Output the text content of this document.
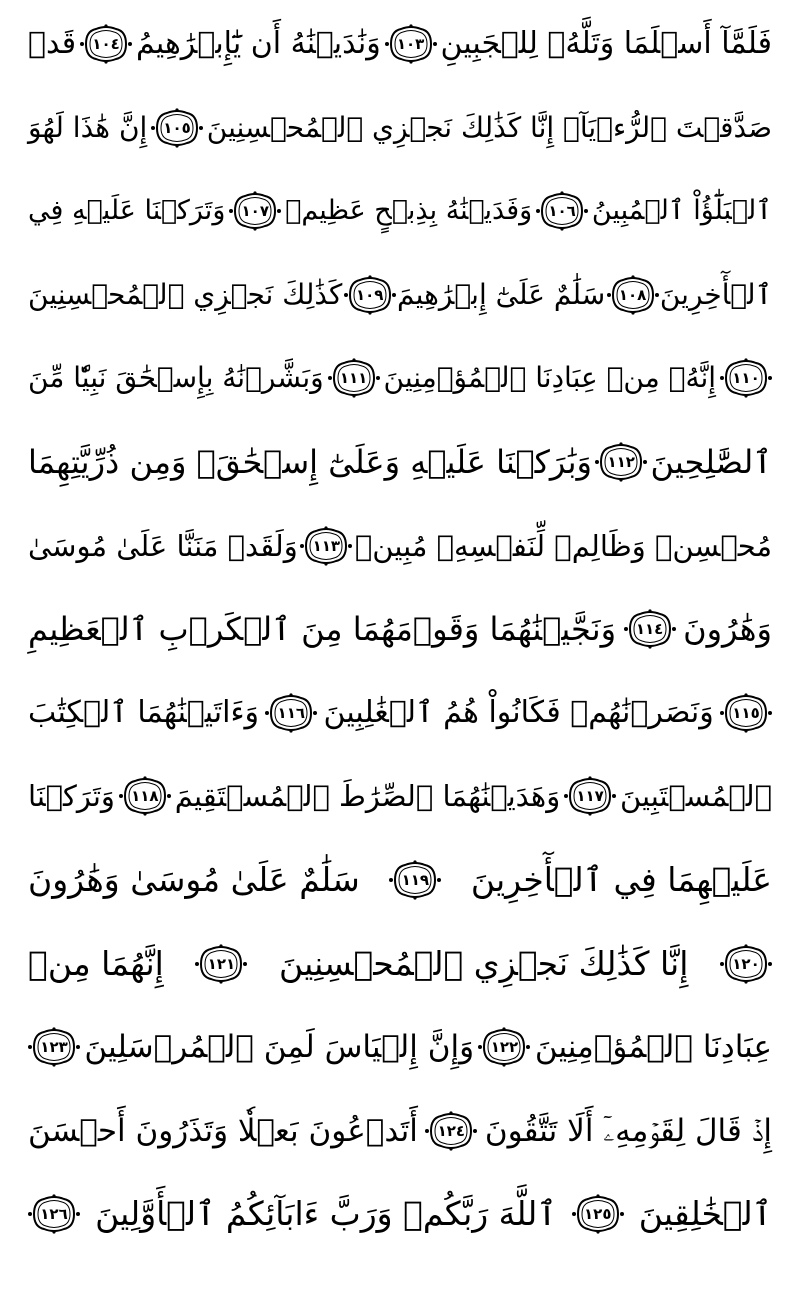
فَلَمَّآ أَسۡلَمَا وَتَلَّهُۥ لِلۡجَبِينِ
١٠٣
وَنَٰدَيۡنَٰهُ أَن يَٰٓإِبۡرَٰهِيمُ
١٠٤
قَدۡ
صَدَّقۡتَ ٱلرُّءۡيَآۚ إِنَّا كَذَٰلِكَ نَجۡزِي ٱلۡمُحۡسِنِينَ
١٠٥
إِنَّ هَٰذَا لَهُوَ
ٱلۡبَلَٰٓؤُاْ ٱلۡمُبِينُ
١٠٦
وَفَدَيۡنَٰهُ بِذِبۡحٍ عَظِيمٖ
١٠٧
وَتَرَكۡنَا عَلَيۡهِ فِي
ٱلۡأٓخِرِينَ
١٠٨
سَلَٰمٌ عَلَىٰٓ إِبۡرَٰهِيمَ
١٠٩
كَذَٰلِكَ نَجۡزِي ٱلۡمُحۡسِنِينَ
١١٠
إِنَّهُۥ مِنۡ عِبَادِنَا ٱلۡمُؤۡمِنِينَ
١١١
وَبَشَّرۡنَٰهُ بِإِسۡحَٰقَ نَبِيّٗا مِّنَ
ٱلصَّٰلِحِينَ
١١٢
وَبَٰرَكۡنَا عَلَيۡهِ وَعَلَىٰٓ إِسۡحَٰقَۚ وَمِن ذُرِّيَّتِهِمَا
مُحۡسِنٞ وَظَالِمٞ لِّنَفۡسِهِۦ مُبِينٞ
١١٣
وَلَقَدۡ مَنَنَّا عَلَىٰ مُوسَىٰ
وَهَٰرُونَ
١١٤
وَنَجَّيۡنَٰهُمَا وَقَوۡمَهُمَا مِنَ ٱلۡكَرۡبِ ٱلۡعَظِيمِ
١١٥
وَنَصَرۡنَٰهُمۡ فَكَانُواْ هُمُ ٱلۡغَٰلِبِينَ
١١٦
وَءَاتَيۡنَٰهُمَا ٱلۡكِتَٰبَ
ٱلۡمُسۡتَبِينَ
١١٧
وَهَدَيۡنَٰهُمَا ٱلصِّرَٰطَ ٱلۡمُسۡتَقِيمَ
١١٨
وَتَرَكۡنَا
عَلَيۡهِمَا فِي ٱلۡأٓخِرِينَ
١١٩
سَلَٰمٌ عَلَىٰ مُوسَىٰ وَهَٰرُونَ
١٢٠
إِنَّا كَذَٰلِكَ نَجۡزِي ٱلۡمُحۡسِنِينَ
١٢١
إِنَّهُمَا مِنۡ
عِبَادِنَا ٱلۡمُؤۡمِنِينَ
١٢٢
وَإِنَّ إِلۡيَاسَ لَمِنَ ٱلۡمُرۡسَلِينَ
١٢٣
إِذۡ قَالَ لِقَوۡمِهِۦٓ أَلَا تَتَّقُونَ
١٢٤
أَتَدۡعُونَ بَعۡلٗا وَتَذَرُونَ أَحۡسَنَ
ٱلۡخَٰلِقِينَ
١٢٥
ٱللَّهَ رَبَّكُمۡ وَرَبَّ ءَابَآئِكُمُ ٱلۡأَوَّلِينَ
١٢٦
